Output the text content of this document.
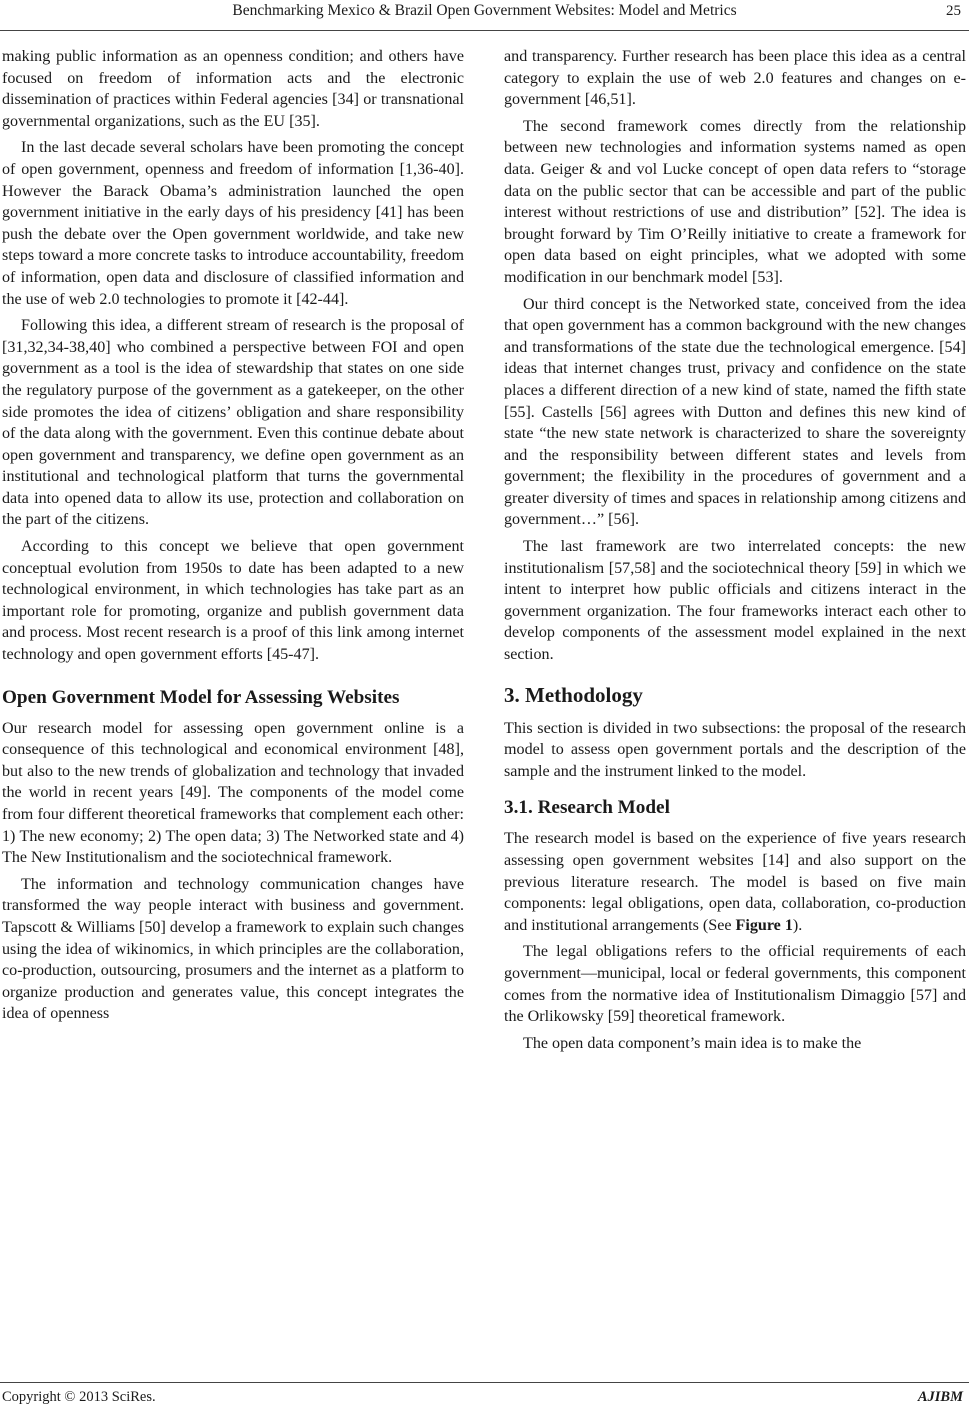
Benchmarking Mexico & Brazil Open Government Websites: Model and Metrics	25

making public information as an openness condition; and others have focused on freedom of information acts and the electronic dissemination of practices within Federal agencies [34] or transnational governmental organizations, such as the EU [35].

In the last decade several scholars have been promoting the concept of open government, openness and freedom of information [1,36-40]. However the Barack Obama’s administration launched the open government initiative in the early days of his presidency [41] has been push the debate over the Open government worldwide, and take new steps toward a more concrete tasks to introduce accountability, freedom of information, open data and disclosure of classified information and the use of web 2.0 technologies to promote it [42-44].

Following this idea, a different stream of research is the proposal of [31,32,34-38,40] who combined a perspective between FOI and open government as a tool is the idea of stewardship that states on one side the regulatory purpose of the government as a gatekeeper, on the other side promotes the idea of citizens’ obligation and share responsibility of the data along with the government. Even this continue debate about open government and transparency, we define open government as an institutional and technological platform that turns the governmental data into opened data to allow its use, protection and collaboration on the part of the citizens.

According to this concept we believe that open government conceptual evolution from 1950s to date has been adapted to a new technological environment, in which technologies has take part as an important role for promoting, organize and publish government data and process. Most recent research is a proof of this link among internet technology and open government efforts [45-47].

Open Government Model for Assessing Websites

Our research model for assessing open government online is a consequence of this technological and economical environment [48], but also to the new trends of globalization and technology that invaded the world in recent years [49]. The components of the model come from four different theoretical frameworks that complement each other: 1) The new economy; 2) The open data; 3) The Networked state and 4) The New Institutionalism and the sociotechnical framework.

The information and technology communication changes have transformed the way people interact with business and government. Tapscott & Williams [50] develop a framework to explain such changes using the idea of wikinomics, in which principles are the collaboration, co-production, outsourcing, prosumers and the internet as a platform to organize production and generates value, this concept integrates the idea of openness

and transparency. Further research has been place this idea as a central category to explain the use of web 2.0 features and changes on e-government [46,51].

The second framework comes directly from the relationship between new technologies and information systems named as open data. Geiger & and vol Lucke concept of open data refers to “storage data on the public sector that can be accessible and part of the public interest without restrictions of use and distribution” [52]. The idea is brought forward by Tim O’Reilly initiative to create a framework for open data based on eight principles, what we adopted with some modification in our benchmark model [53].

Our third concept is the Networked state, conceived from the idea that open government has a common background with the new changes and transformations of the state due the technological emergence. [54] ideas that internet changes trust, privacy and confidence on the state places a different direction of a new kind of state, named the fifth state [55]. Castells [56] agrees with Dutton and defines this new kind of state “the new state network is characterized to share the sovereignty and the responsibility between different states and levels from government; the flexibility in the procedures of government and a greater diversity of times and spaces in relationship among citizens and government…” [56].

The last framework are two interrelated concepts: the new institutionalism [57,58] and the sociotechnical theory [59] in which we intent to interpret how public officials and citizens interact in the government organization. The four frameworks interact each other to develop components of the assessment model explained in the next section.

3. Methodology

This section is divided in two subsections: the proposal of the research model to assess open government portals and the description of the sample and the instrument linked to the model.

3.1. Research Model

The research model is based on the experience of five years research assessing open government websites [14] and also support on the previous literature research. The model is based on five main components: legal obligations, open data, collaboration, co-production and institutional arrangements (See Figure 1).

The legal obligations refers to the official requirements of each government—municipal, local or federal governments, this component comes from the normative idea of Institutionalism Dimaggio [57] and the Orlikowsky [59] theoretical framework.

The open data component’s main idea is to make the

Copyright © 2013 SciRes.	AJIBM
